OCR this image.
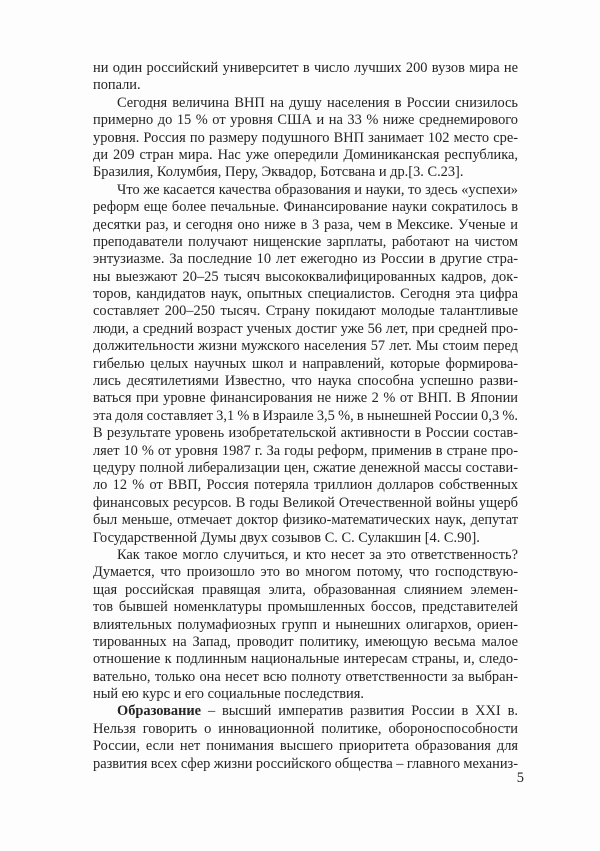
ни один российский университет в число лучших 200 вузов мира не
попали.
Сегодня величина ВНП на душу населения в России снизилось
примерно до 15 % от уровня США и на 33 % ниже среднемирового
уровня. Россия по размеру подушного ВНП занимает 102 место сре-
ди 209 стран мира. Нас уже опередили Доминиканская республика,
Бразилия, Колумбия, Перу, Эквадор, Ботсвана и др.[3. С.23].
Что же касается качества образования и науки, то здесь «успехи»
реформ еще более печальные. Финансирование науки сократилось в
десятки раз, и сегодня оно ниже в 3 раза, чем в Мексике. Ученые и
преподаватели получают нищенские зарплаты, работают на чистом
энтузиазме. За последние 10 лет ежегодно из России в другие стра-
ны выезжают 20–25 тысяч высококвалифицированных кадров, док-
торов, кандидатов наук, опытных специалистов. Сегодня эта цифра
составляет 200–250 тысяч. Страну покидают молодые талантливые
люди, а средний возраст ученых достиг уже 56 лет, при средней про-
должительности жизни мужского населения 57 лет. Мы стоим перед
гибелью целых научных школ и направлений, которые формирова-
лись десятилетиями Известно, что наука способна успешно разви-
ваться при уровне финансирования не ниже 2 % от ВНП. В Японии
эта доля составляет 3,1 % в Израиле 3,5 %, в нынешней России 0,3 %.
В результате уровень изобретательской активности в России состав-
ляет 10 % от уровня 1987 г. За годы реформ, применив в стране про-
цедуру полной либерализации цен, сжатие денежной массы состави-
ло 12 % от ВВП, Россия потеряла триллион долларов собственных
финансовых ресурсов. В годы Великой Отечественной войны ущерб
был меньше, отмечает доктор физико-математических наук, депутат
Государственной Думы двух созывов С. С. Сулакшин [4. С.90].
Как такое могло случиться, и кто несет за это ответственность?
Думается, что произошло это во многом потому, что господствую-
щая российская правящая элита, образованная слиянием элемен-
тов бывшей номенклатуры промышленных боссов, представителей
влиятельных полумафиозных групп и нынешних олигархов, ориен-
тированных на Запад, проводит политику, имеющую весьма малое
отношение к подлинным национальные интересам страны, и, следо-
вательно, только она несет всю полноту ответственности за выбран-
ный ею курс и его социальные последствия.
Образование – высший императив развития России в XXI в.
Нельзя говорить о инновационной политике, обороноспособности
России, если нет понимания высшего приоритета образования для
развития всех сфер жизни российского общества – главного механиз-
5
